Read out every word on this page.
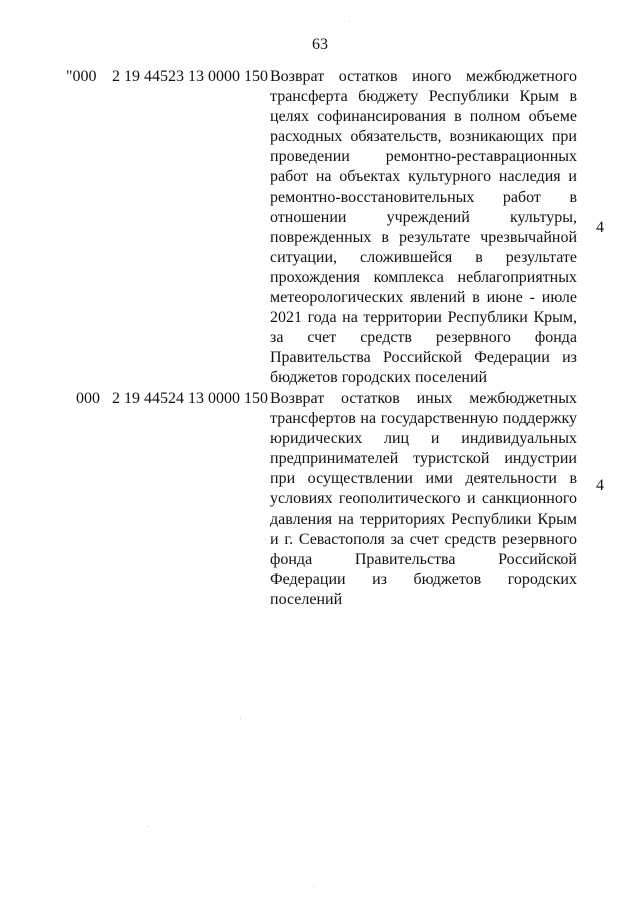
63
"000 2 19 44523 13 0000 150 Возврат остатков иного межбюджетного трансферта бюджету Республики Крым в целях софинансирования в полном объеме расходных обязательств, возникающих при проведении ремонтно-реставрационных работ на объектах культурного наследия и ремонтно-восстановительных работ в отношении учреждений культуры, поврежденных в результате чрезвычайной ситуации, сложившейся в результате прохождения комплекса неблагоприятных метеорологических явлений в июне - июле 2021 года на территории Республики Крым, за счет средств резервного фонда Правительства Российской Федерации из бюджетов городских поселений
4
000 2 19 44524 13 0000 150 Возврат остатков иных межбюджетных трансфертов на государственную поддержку юридических лиц и индивидуальных предпринимателей туристской индустрии при осуществлении ими деятельности в условиях геополитического и санкционного давления на территориях Республики Крым и г. Севастополя за счет средств резервного фонда Правительства Российской Федерации из бюджетов городских поселений
4
